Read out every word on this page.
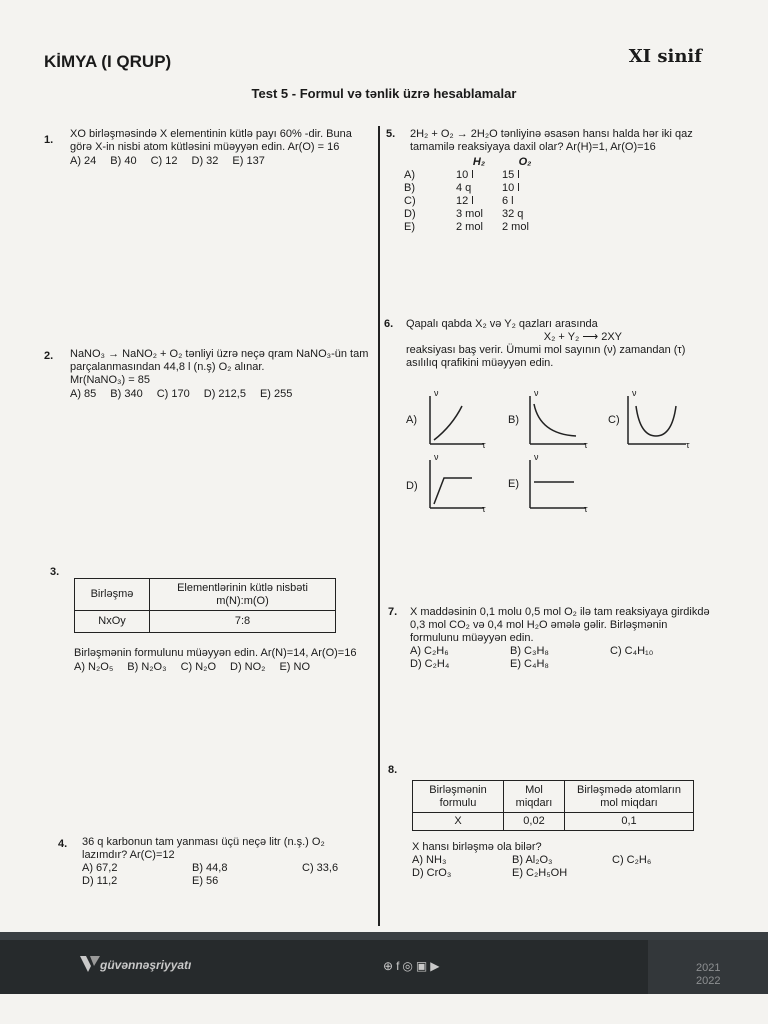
KİMYA (I QRUP)	XI sinif
Test 5 - Formul və tənlik üzrə hesablamalar
1. XO birləşməsində X elementinin kütlə payı 60% -dir. Buna görə X-in nisbi atom kütləsini müəyyən edin. Ar(O) = 16
A) 24 B) 40 C) 12 D) 32 E) 137
2. NaNO₃ → NaNO₂ + O₂ tənliyi üzrə neçə qram NaNO₃-ün tam parçalanmasından 44,8 l (n.ş) O₂ alınar.
Mr(NaNO₃) = 85
A) 85 B) 340 C) 170 D) 212,5 E) 255
3.
Birləşmə	Elementlərinin kütlə nisbəti m(N):m(O)
NxOy	7:8
Birləşmənin formulunu müəyyən edin. Ar(N)=14, Ar(O)=16
A) N₂O₅ B) N₂O₃ C) N₂O D) NO₂ E) NO
4. 36 q karbonun tam yanması üçü neçə litr (n.ş.) O₂ lazımdır? Ar(C)=12
A) 67,2	B) 44,8	C) 33,6
D) 11,2	E) 56
5. 2H₂ + O₂ → 2H₂O tənliyinə əsasən hansı halda hər iki qaz tamamilə reaksiyaya daxil olar? Ar(H)=1, Ar(O)=16
H₂	O₂
A)	10 l	15 l
B)	4 q	10 l
C)	12 l	6 l
D)	3 mol	32 q
E)	2 mol	2 mol
6. Qapalı qabda X₂ və Y₂ qazları arasında
X₂ + Y₂ ⟶ 2XY
reaksiyası baş verir. Ümumi mol sayının (ν) zamandan (τ) asılılıq qrafikini müəyyən edin.
A)
ν
τ
B)
ν
τ
C)
ν
τ
D)
ν
τ
E)
ν
τ
7. X maddəsinin 0,1 molu 0,5 mol O₂ ilə tam reaksiyaya girdikdə 0,3 mol CO₂ və 0,4 mol H₂O əmələ gəlir. Birləşmənin formulunu müəyyən edin.
A) C₂H₆	B) C₃H₈	C) C₄H₁₀
D) C₂H₄	E) C₄H₈
8.
Birləşmənin formulu	Mol miqdarı	Birləşmədə atomların mol miqdarı
X	0,02	0,1
X hansı birləşmə ola bilər?
A) NH₃	B) Al₂O₃	C) C₂H₆
D) CrO₃	E) C₂H₅OH
güvənnəşriyyatı	⊕f◎▣▶	2021
2022
